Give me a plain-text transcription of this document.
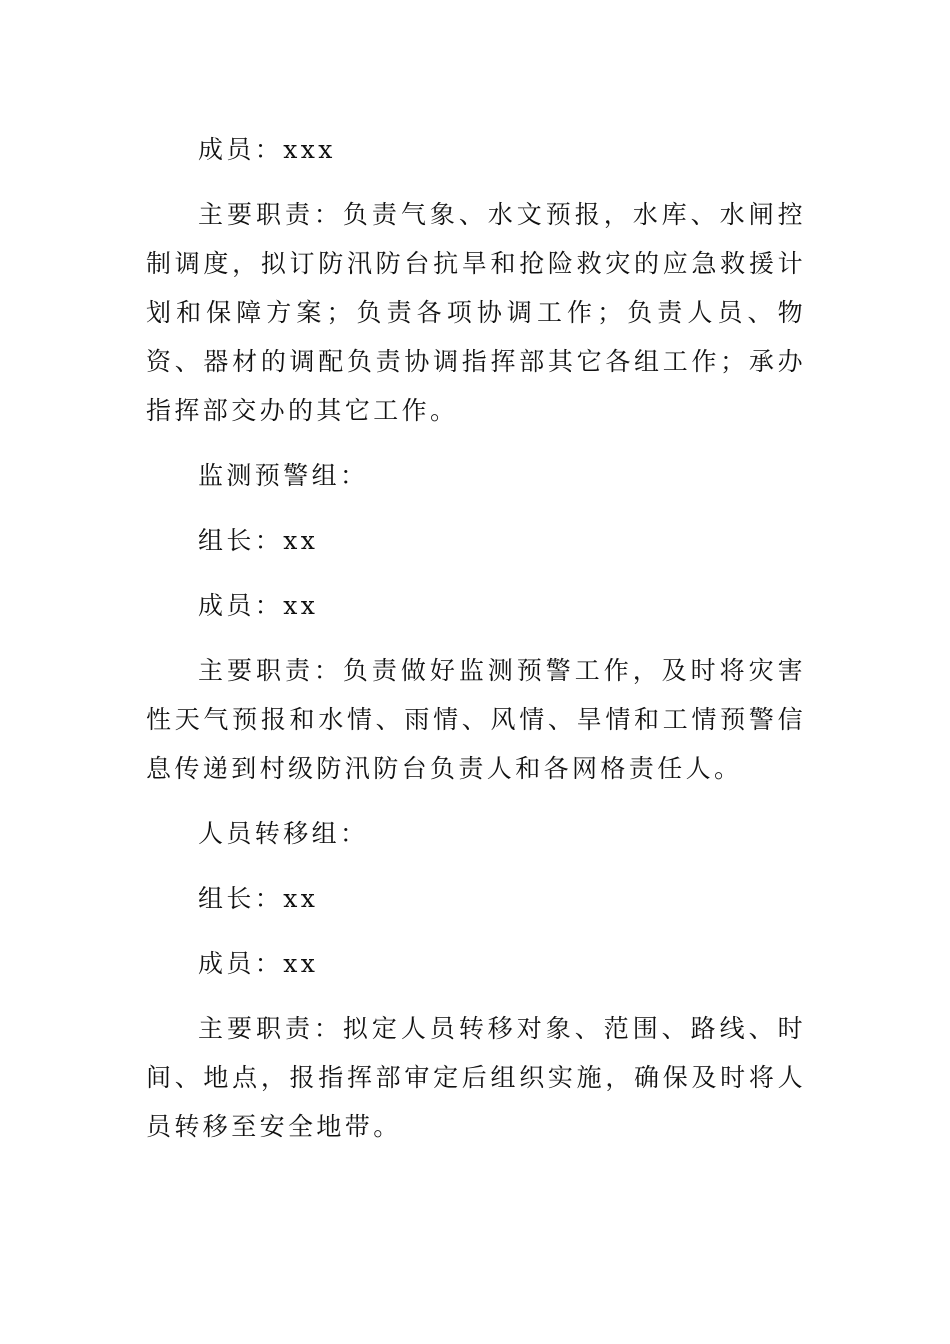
成员：xxx

主要职责：负责气象、水文预报，水库、水闸控制调度，拟订防汛防台抗旱和抢险救灾的应急救援计划和保障方案；负责各项协调工作；负责人员、物资、器材的调配负责协调指挥部其它各组工作；承办指挥部交办的其它工作。

监测预警组：

组长：xx

成员：xx

主要职责：负责做好监测预警工作，及时将灾害性天气预报和水情、雨情、风情、旱情和工情预警信息传递到村级防汛防台负责人和各网格责任人。

人员转移组：

组长：xx

成员：xx

主要职责：拟定人员转移对象、范围、路线、时间、地点，报指挥部审定后组织实施，确保及时将人员转移至安全地带。
